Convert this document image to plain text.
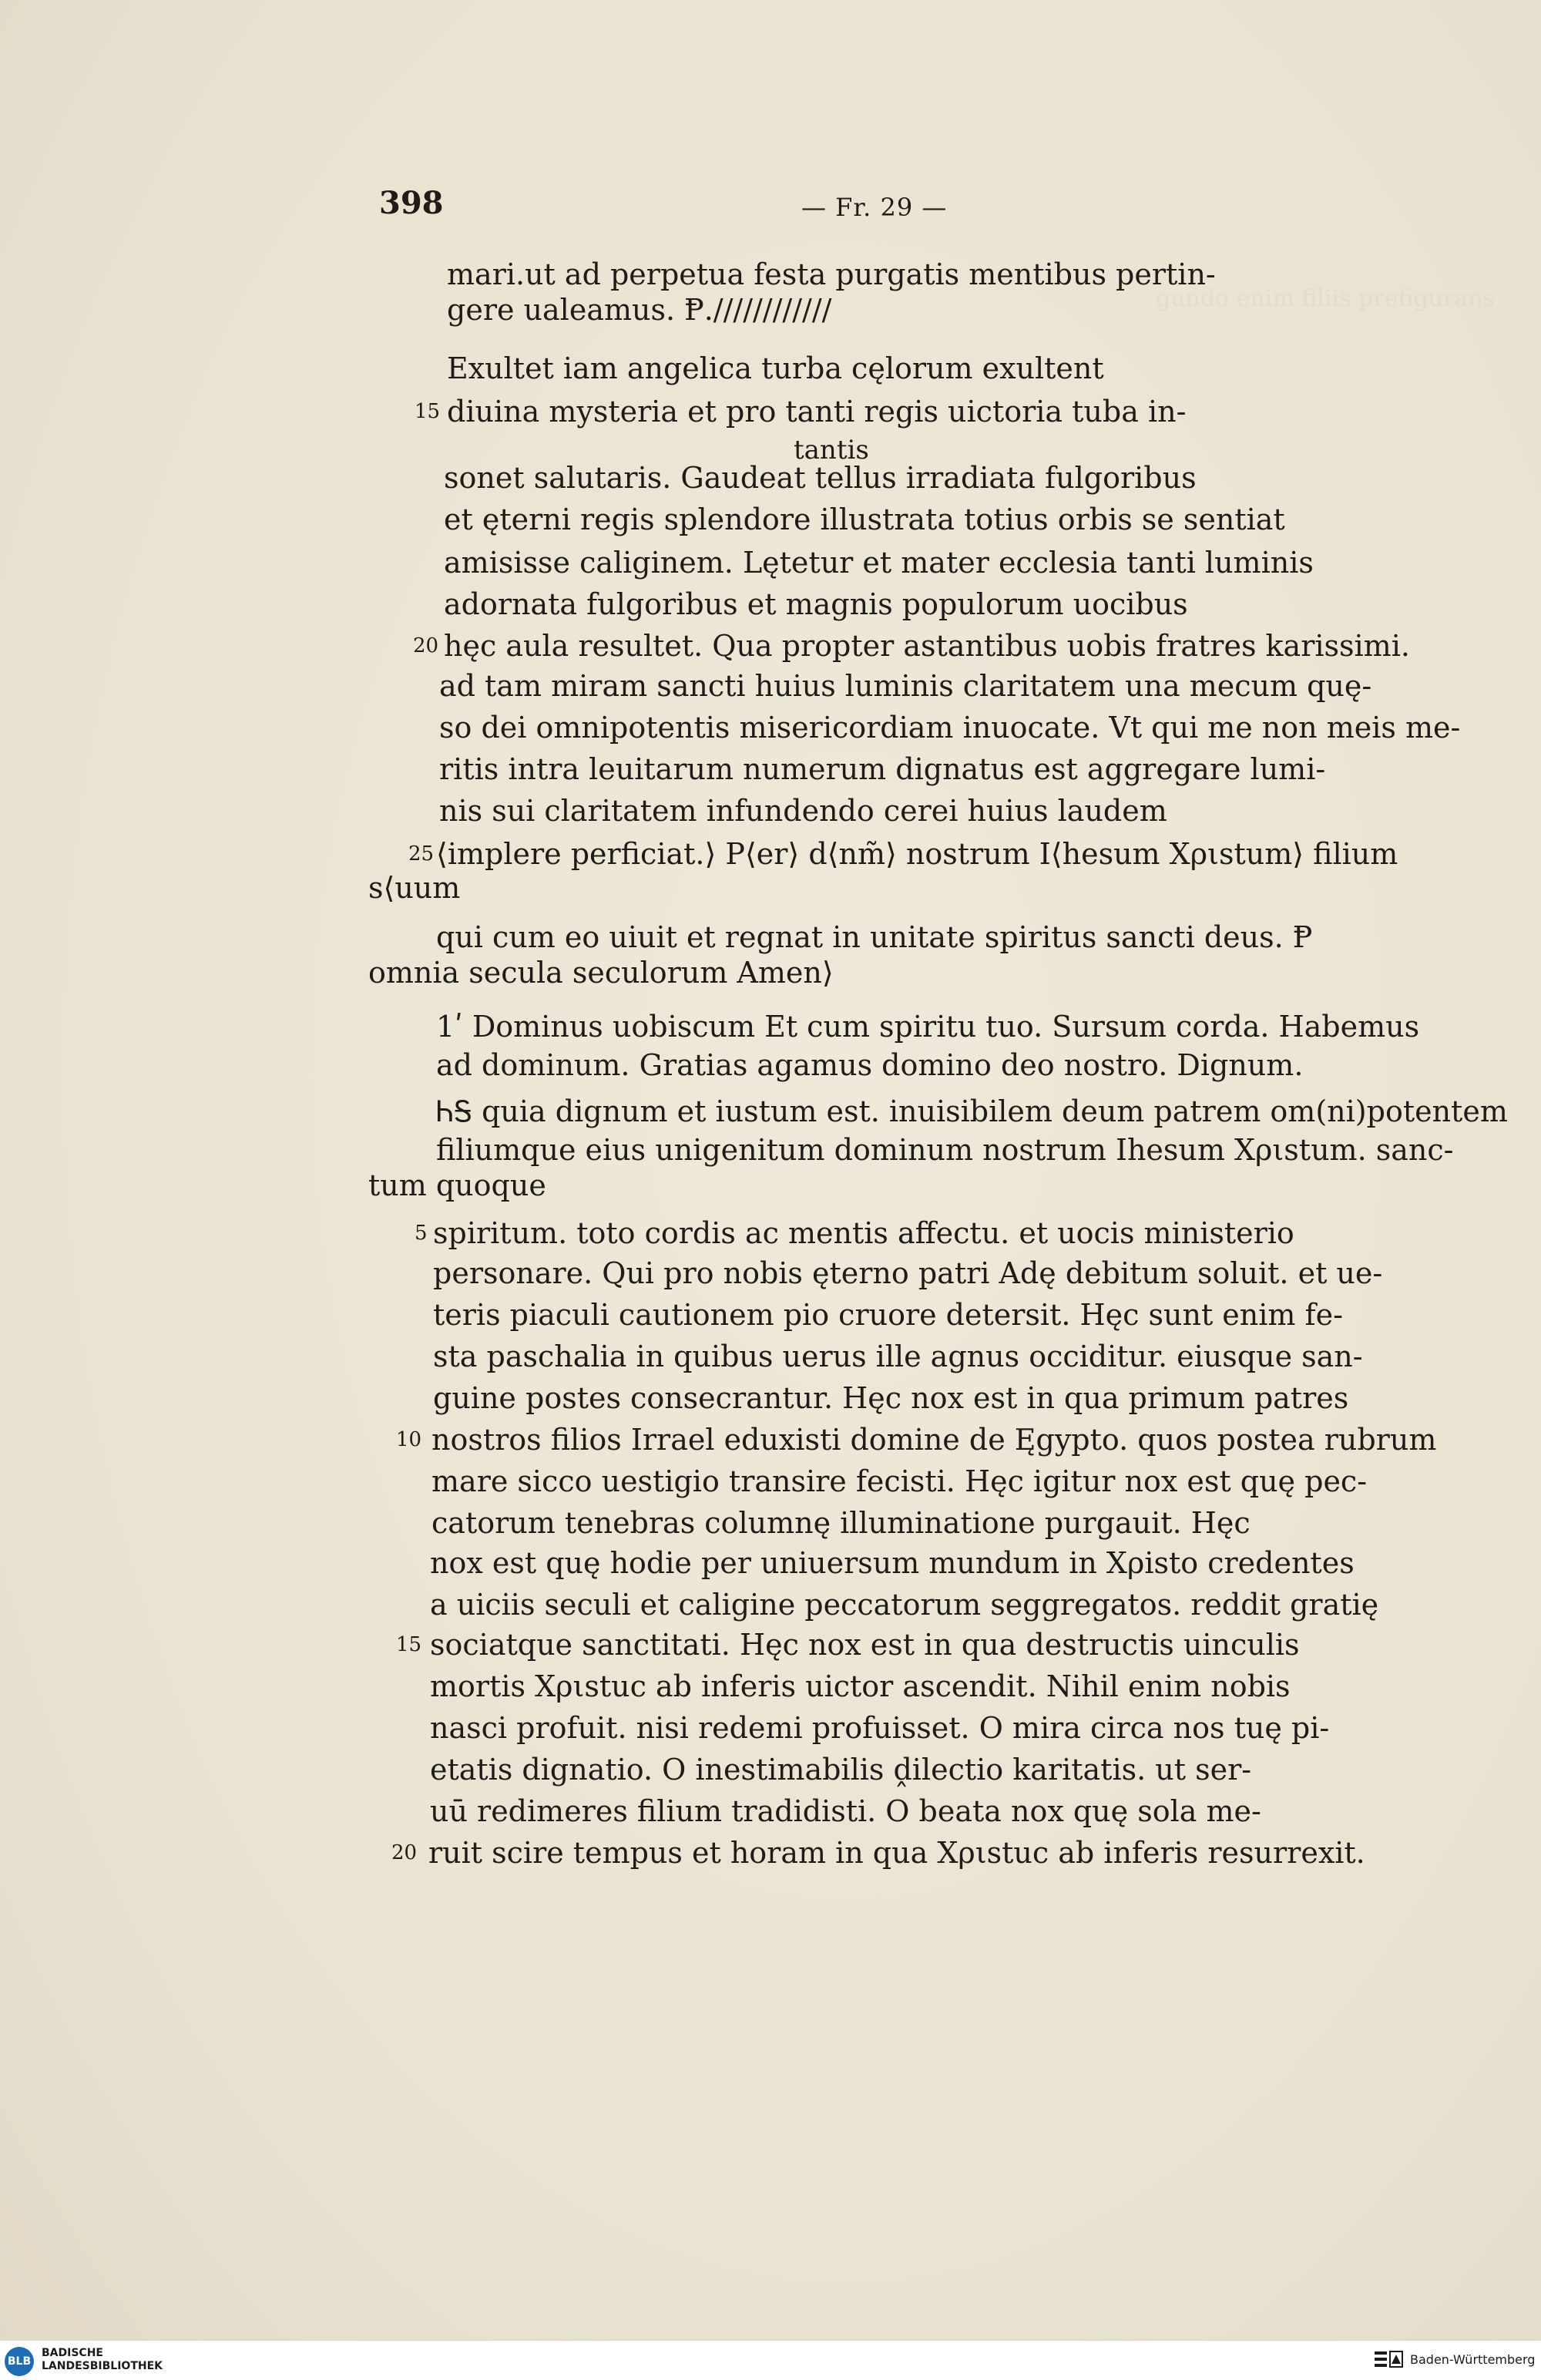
gundo enim filiis prefigurans
398	— Fr. 29 —
mari.ut ad perpetua festa purgatis mentibus pertin-
gere ualeamus. Ᵽ.////////////
Exultet iam angelica turba cęlorum exultent
15 diuina mysteria et pro tanti regis uictoria tuba in-
tantis
sonet salutaris. Gaudeat tellus irradiata fulgoribus
et ęterni regis splendore illustrata totius orbis se sentiat
amisisse caliginem. Lętetur et mater ecclesia tanti luminis
adornata fulgoribus et magnis populorum uocibus
20 hęc aula resultet. Qua propter astantibus uobis fratres karissimi.
ad tam miram sancti huius luminis claritatem una mecum quę-
so dei omnipotentis misericordiam inuocate. Vt qui me non meis me-
ritis intra leuitarum numerum dignatus est aggregare lumi-
nis sui claritatem infundendo cerei huius laudem
25 ⟨implere perficiat.⟩ P⟨er⟩ d⟨nm̃⟩ nostrum I⟨hesum Xριstum⟩ filium
s⟨uum
qui cum eo uiuit et regnat in unitate spiritus sancti deus. Ᵽ
omnia secula seculorum Amen⟩
1ʹ Dominus uobiscum Et cum spiritu tuo. Sursum corda. Habemus
ad dominum. Gratias agamus domino deo nostro. Dignum.
ᏂᎦ quia dignum et iustum est. inuisibilem deum patrem om(ni)potentem
filiumque eius unigenitum dominum nostrum Ihesum Xριstum. sanc-
tum quoque
5 spiritum. toto cordis ac mentis affectu. et uocis ministerio
personare. Qui pro nobis ęterno patri Adę debitum soluit. et ue-
teris piaculi cautionem pio cruore detersit. Hęc sunt enim fe-
sta paschalia in quibus uerus ille agnus occiditur. eiusque san-
guine postes consecrantur. Hęc nox est in qua primum patres
10 nostros filios Irrael eduxisti domine de Ęgypto. quos postea rubrum
mare sicco uestigio transire fecisti. Hęc igitur nox est quę pec-
catorum tenebras columnę illuminatione purgauit. Hęc
nox est quę hodie per uniuersum mundum in Xρisto credentes
a uiciis seculi et caligine peccatorum seggregatos. reddit gratię
15 sociatque sanctitati. Hęc nox est in qua destructis uinculis
mortis Xριstuc ab inferis uictor ascendit. Nihil enim nobis
nasci profuit. nisi redemi profuisset. O mira circa nos tuę pi-
etatis dignatio. O inestimabilis ḓilectio karitatis. ut ser-
uū redimeres filium tradidisti. O beata nox quę sola me-
20 ruit scire tempus et horam in qua Xριstuc ab inferis resurrexit.
BLB
BADISCHE
LANDESBIBLIOTHEK	Baden-Württemberg
